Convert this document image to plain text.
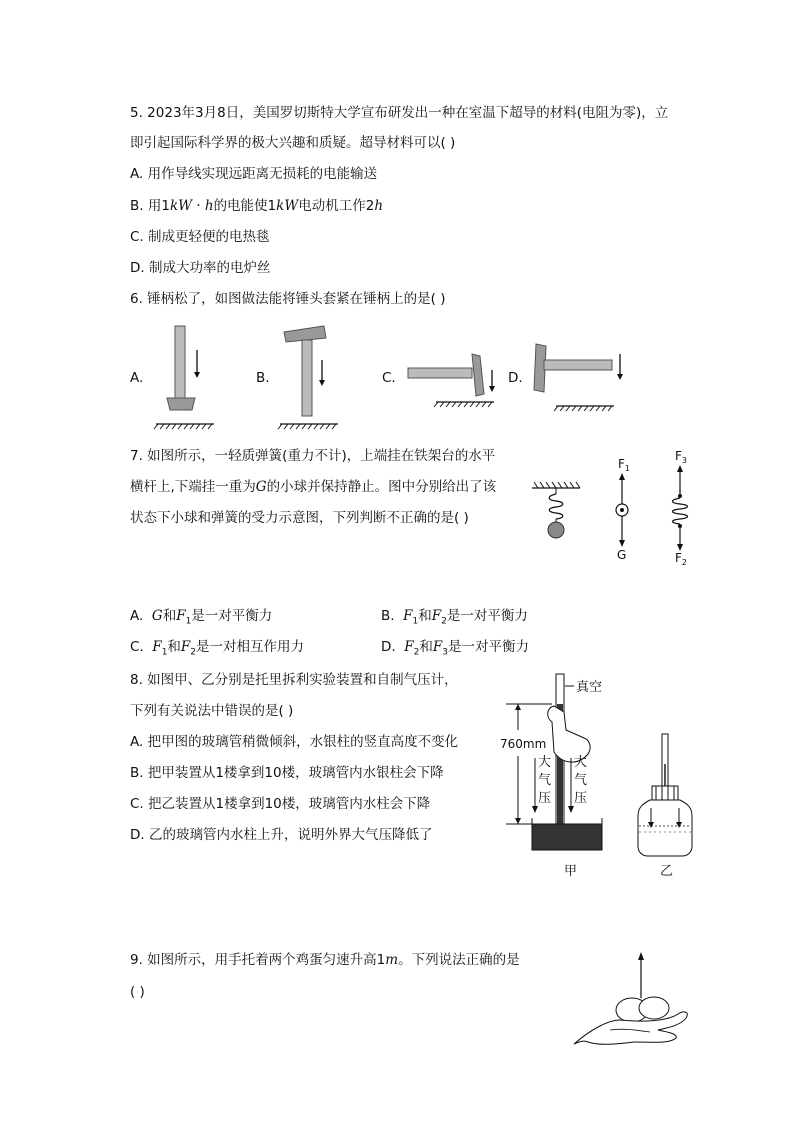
5. 2023年3月8日，美国罗切斯特大学宣布研发出一种在室温下超导的材料(电阻为零)，立
即引起国际科学界的极大兴趣和质疑。超导材料可以( )
A. 用作导线实现远距离无损耗的电能输送
B. 用1kW · h的电能使1kW电动机工作2h
C. 制成更轻便的电热毯
D. 制成大功率的电炉丝
6. 锤柄松了，如图做法能将锤头套紧在锤柄上的是( )
A.	B.	C.	D.
7. 如图所示，一轻质弹簧(重力不计)，上端挂在铁架台的水平
横杆上,下端挂一重为G的小球并保持静止。图中分别给出了该
状态下小球和弹簧的受力示意图，下列判断不正确的是( )
$F_1$
G
$F_3$
$F_2$
A. G和$F_1$是一对平衡力	B. $F_1$和$F_2$是一对平衡力
C. $F_1$和$F_2$是一对相互作用力	D. $F_2$和$F_3$是一对平衡力
8. 如图甲、乙分别是托里拆利实验装置和自制气压计，
下列有关说法中错误的是( )
A. 把甲图的玻璃管稍微倾斜，水银柱的竖直高度不变化
B. 把甲装置从1楼拿到10楼，玻璃管内水银柱会下降
C. 把乙装置从1楼拿到10楼，玻璃管内水柱会下降
D. 乙的玻璃管内水柱上升，说明外界大气压降低了
真空
760mm
大
气
压
大
气
压
甲	乙
9. 如图所示，用手托着两个鸡蛋匀速升高1m。下列说法正确的是
( )
